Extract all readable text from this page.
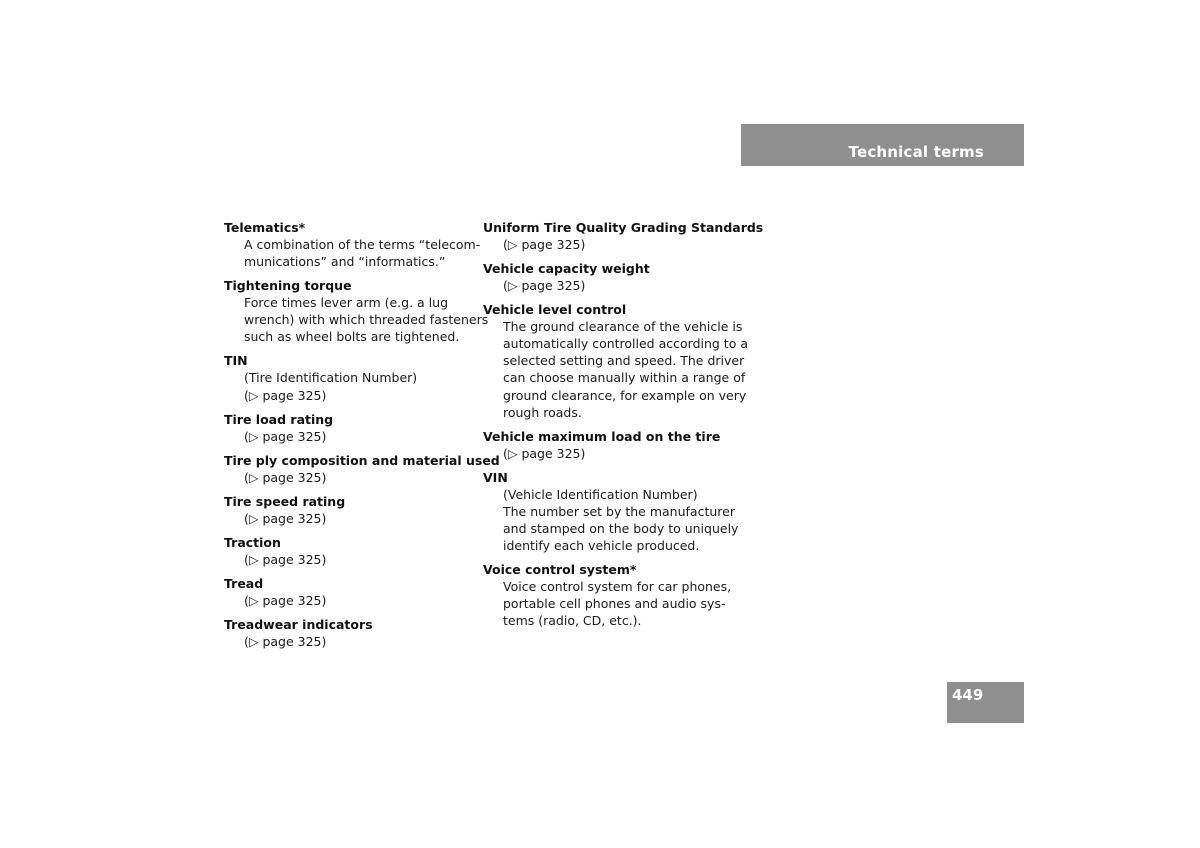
Technical terms
Telematics*
A combination of the terms “telecom-
munications” and “informatics.”
Tightening torque
Force times lever arm (e.g. a lug
wrench) with which threaded fasteners
such as wheel bolts are tightened.
TIN
(Tire Identification Number)
(▷ page 325)
Tire load rating
(▷ page 325)
Tire ply composition and material used
(▷ page 325)
Tire speed rating
(▷ page 325)
Traction
(▷ page 325)
Tread
(▷ page 325)
Treadwear indicators
(▷ page 325)
Uniform Tire Quality Grading Standards
(▷ page 325)
Vehicle capacity weight
(▷ page 325)
Vehicle level control
The ground clearance of the vehicle is
automatically controlled according to a
selected setting and speed. The driver
can choose manually within a range of
ground clearance, for example on very
rough roads.
Vehicle maximum load on the tire
(▷ page 325)
VIN
(Vehicle Identification Number)
The number set by the manufacturer
and stamped on the body to uniquely
identify each vehicle produced.
Voice control system*
Voice control system for car phones,
portable cell phones and audio sys-
tems (radio, CD, etc.).
449
